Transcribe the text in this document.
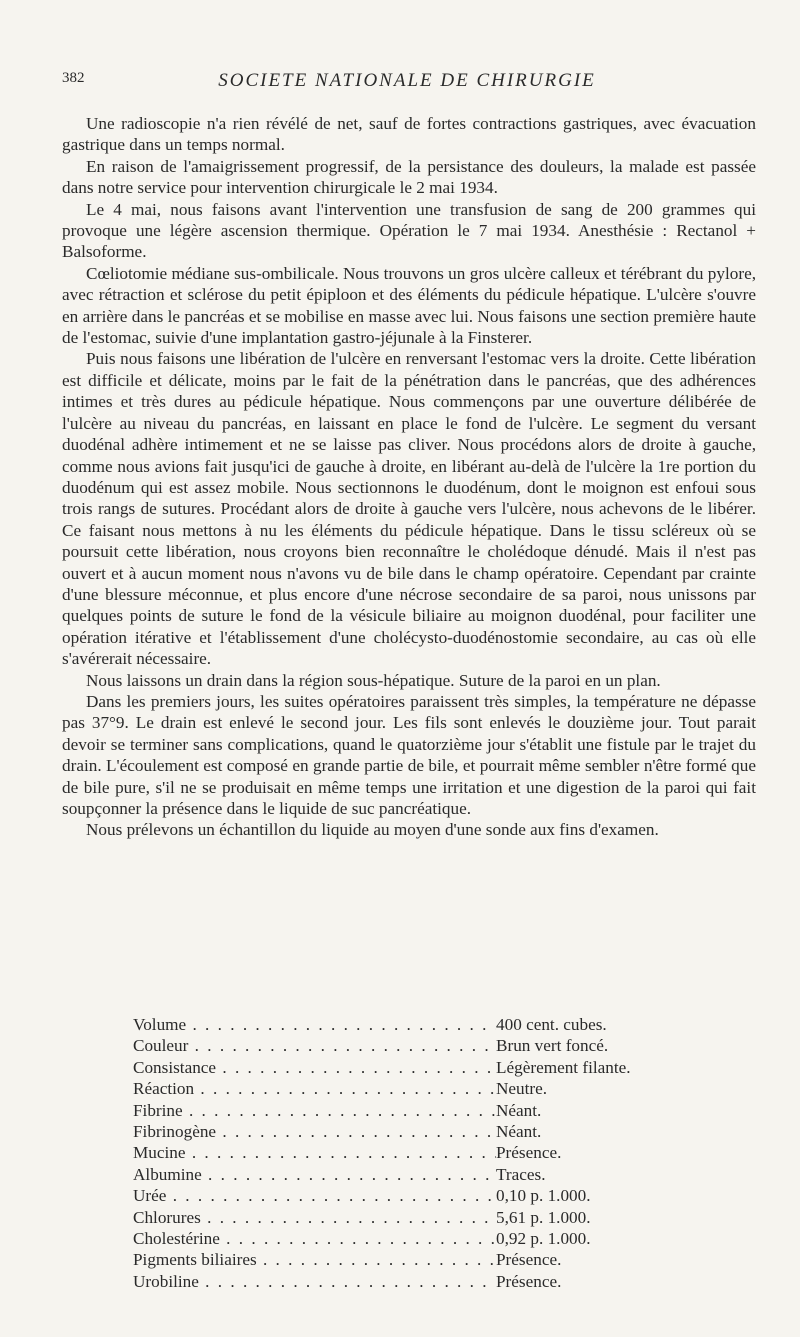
382	SOCIETE NATIONALE DE CHIRURGIE

Une radioscopie n'a rien révélé de net, sauf de fortes contractions gastriques, avec évacuation gastrique dans un temps normal.

En raison de l'amaigrissement progressif, de la persistance des douleurs, la malade est passée dans notre service pour intervention chirurgicale le 2 mai 1934.

Le 4 mai, nous faisons avant l'intervention une transfusion de sang de 200 grammes qui provoque une légère ascension thermique. Opération le 7 mai 1934. Anesthésie : Rectanol + Balsoforme.

Cœliotomie médiane sus-ombilicale. Nous trouvons un gros ulcère calleux et térébrant du pylore, avec rétraction et sclérose du petit épiploon et des éléments du pédicule hépatique. L'ulcère s'ouvre en arrière dans le pancréas et se mobilise en masse avec lui. Nous faisons une section première haute de l'estomac, suivie d'une implantation gastro-jéjunale à la Finsterer.

Puis nous faisons une libération de l'ulcère en renversant l'estomac vers la droite. Cette libération est difficile et délicate, moins par le fait de la pénétration dans le pancréas, que des adhérences intimes et très dures au pédicule hépatique. Nous commençons par une ouverture délibérée de l'ulcère au niveau du pancréas, en laissant en place le fond de l'ulcère. Le segment du versant duodénal adhère intimement et ne se laisse pas cliver. Nous procédons alors de droite à gauche, comme nous avions fait jusqu'ici de gauche à droite, en libérant au-delà de l'ulcère la 1re portion du duodénum qui est assez mobile. Nous sectionnons le duodénum, dont le moignon est enfoui sous trois rangs de sutures. Procédant alors de droite à gauche vers l'ulcère, nous achevons de le libérer. Ce faisant nous mettons à nu les éléments du pédicule hépatique. Dans le tissu scléreux où se poursuit cette libération, nous croyons bien reconnaître le cholédoque dénudé. Mais il n'est pas ouvert et à aucun moment nous n'avons vu de bile dans le champ opératoire. Cependant par crainte d'une blessure méconnue, et plus encore d'une nécrose secondaire de sa paroi, nous unissons par quelques points de suture le fond de la vésicule biliaire au moignon duodénal, pour faciliter une opération itérative et l'établissement d'une cholécysto-duodénostomie secondaire, au cas où elle s'avérerait nécessaire.

Nous laissons un drain dans la région sous-hépatique. Suture de la paroi en un plan.

Dans les premiers jours, les suites opératoires paraissent très simples, la température ne dépasse pas 37°9. Le drain est enlevé le second jour. Les fils sont enlevés le douzième jour. Tout parait devoir se terminer sans complications, quand le quatorzième jour s'établit une fistule par le trajet du drain. L'écoulement est composé en grande partie de bile, et pourrait même sembler n'être formé que de bile pure, s'il ne se produisait en même temps une irritation et une digestion de la paroi qui fait soupçonner la présence dans le liquide de suc pancréatique.

Nous prélevons un échantillon du liquide au moyen d'une sonde aux fins d'examen.

Volume . . .	400 cent. cubes.
Couleur . . .	Brun vert foncé.
Consistance . . .	Légèrement filante.
Réaction . . .	Neutre.
Fibrine . . .	Néant.
Fibrinogène . . .	Néant.
Mucine . . .	Présence.
Albumine . . .	Traces.
Urée . . .	0,10 p. 1.000.
Chlorures . . .	5,61 p. 1.000.
Cholestérine . . .	0,92 p. 1.000.
Pigments biliaires . . .	Présence.
Urobiline . . .	Présence.
